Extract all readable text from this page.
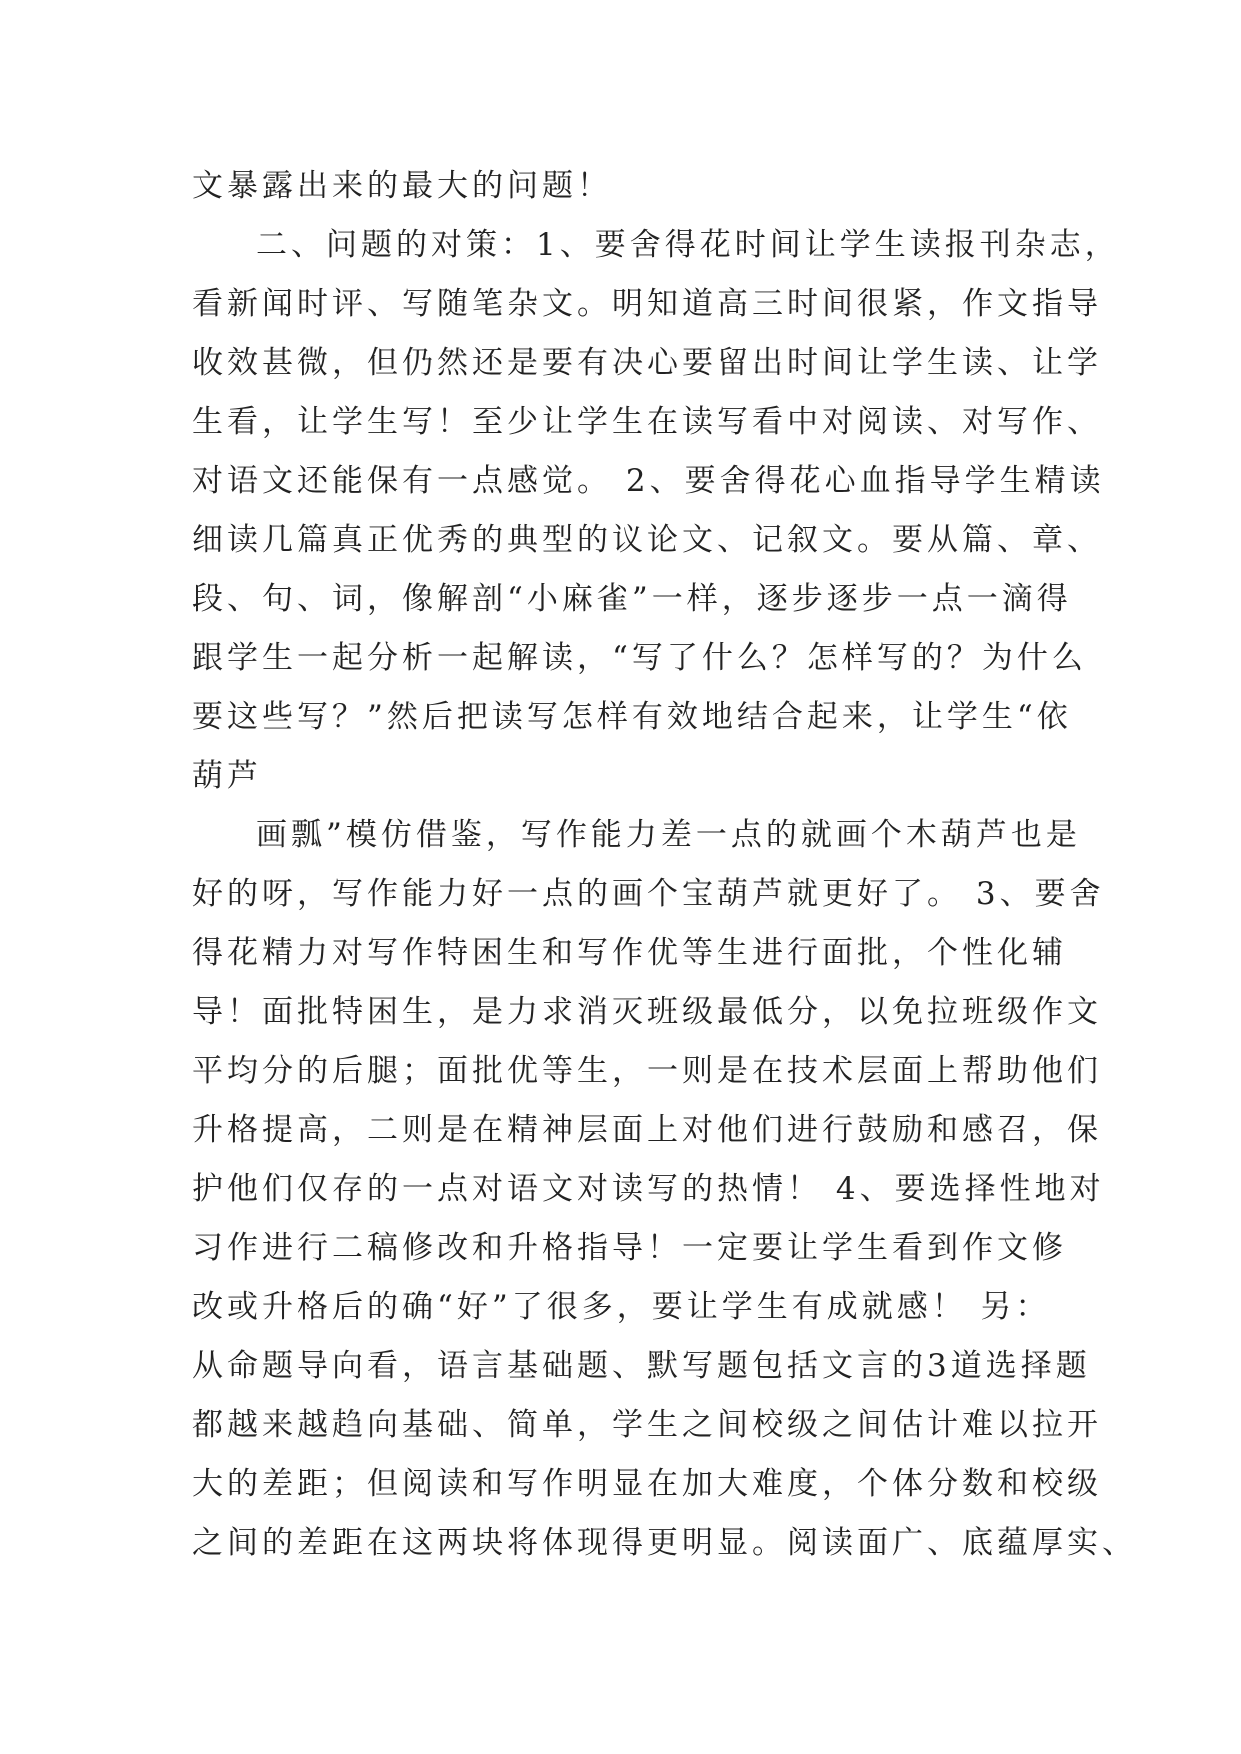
文暴露出来的最大的问题！
二、问题的对策：1、要舍得花时间让学生读报刊杂志，
看新闻时评、写随笔杂文。明知道高三时间很紧，作文指导
收效甚微，但仍然还是要有决心要留出时间让学生读、让学
生看，让学生写！至少让学生在读写看中对阅读、对写作、
对语文还能保有一点感觉。 2、要舍得花心血指导学生精读
细读几篇真正优秀的典型的议论文、记叙文。要从篇、章、
段、句、词，像解剖“小麻雀”一样，逐步逐步一点一滴得
跟学生一起分析一起解读，“写了什么？怎样写的？为什么
要这些写？”然后把读写怎样有效地结合起来，让学生“依
葫芦
画瓢”模仿借鉴，写作能力差一点的就画个木葫芦也是
好的呀，写作能力好一点的画个宝葫芦就更好了。 3、要舍
得花精力对写作特困生和写作优等生进行面批，个性化辅
导！面批特困生，是力求消灭班级最低分，以免拉班级作文
平均分的后腿；面批优等生，一则是在技术层面上帮助他们
升格提高，二则是在精神层面上对他们进行鼓励和感召，保
护他们仅存的一点对语文对读写的热情！ 4、要选择性地对
习作进行二稿修改和升格指导！一定要让学生看到作文修
改或升格后的确“好”了很多，要让学生有成就感！ 另：
从命题导向看，语言基础题、默写题包括文言的3道选择题
都越来越趋向基础、简单，学生之间校级之间估计难以拉开
大的差距；但阅读和写作明显在加大难度，个体分数和校级
之间的差距在这两块将体现得更明显。阅读面广、底蕴厚实、
